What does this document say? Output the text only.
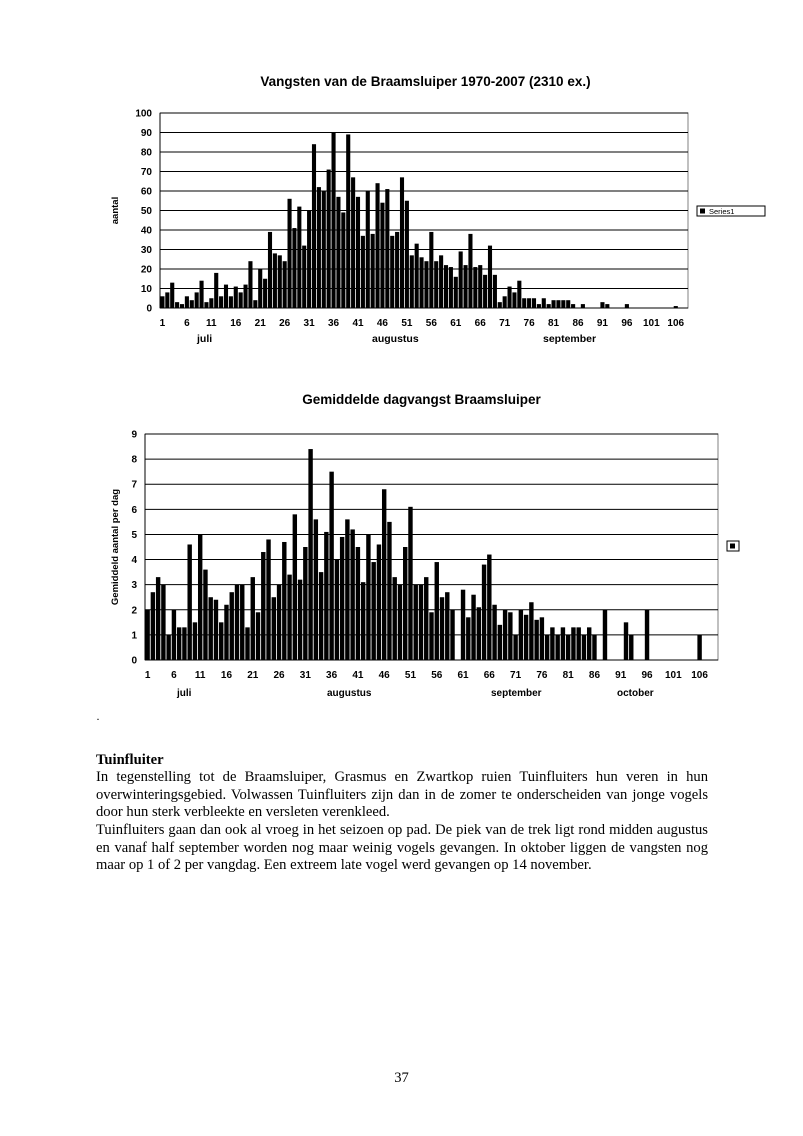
Vangsten van de Braamsluiper 1970-2007 (2310 ex.)
0
10
20
30
40
50
60
70
80
90
100
1 6 11 16 21 26 31 36 41 46 51 56 61 66 71 76 81 86 91 96 101 106
aantal	Series1
juli	augustus	september
Gemiddelde dagvangst Braamsluiper
0
1
2
3
4
5
6
7
8
9
1 6 11 16 21 26 31 36 41 46 51 56 61 66 71 76 81 86 91 96 101 106
Gemiddeld aantal per dag
juli	augustus	september	october
·
Tuinfluiter
In tegenstelling tot de Braamsluiper, Grasmus en Zwartkop ruien Tuinfluiters hun veren in hun overwinteringsgebied. Volwassen Tuinfluiters zijn dan in de zomer te onderscheiden van jonge vogels door hun sterk verbleekte en versleten verenkleed.
Tuinfluiters gaan dan ook al vroeg in het seizoen op pad. De piek van de trek ligt rond midden augustus en vanaf half september worden nog maar weinig vogels gevangen. In oktober liggen de vangsten nog maar op 1 of 2 per vangdag. Een extreem late vogel werd gevangen op 14 november.
37
